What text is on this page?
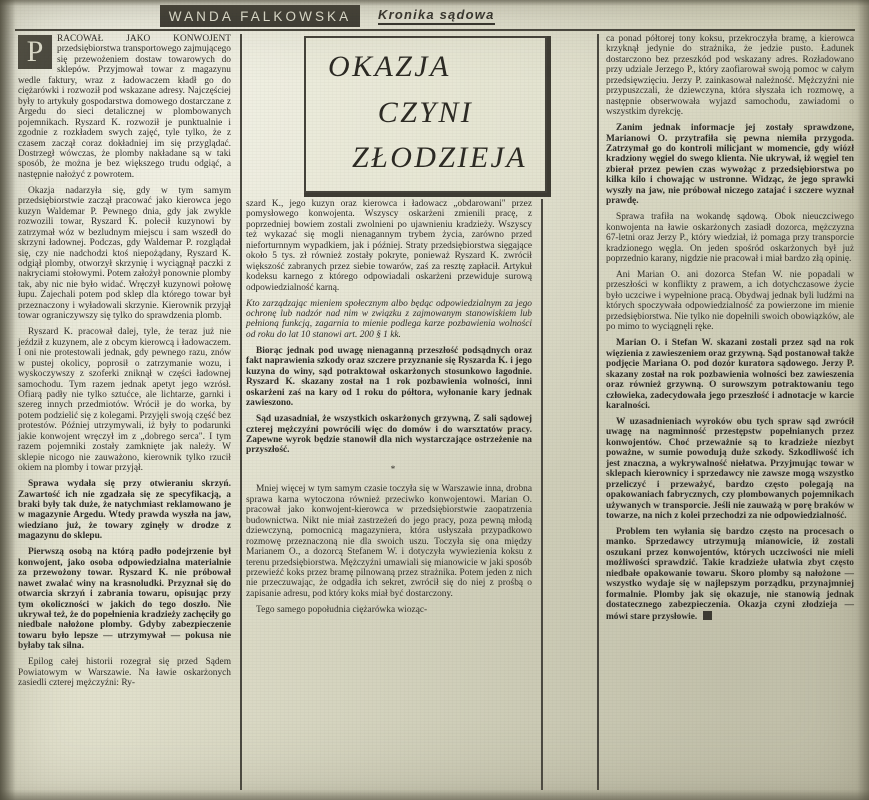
WANDA FALKOWSKA Kronika sądowa
OKAZJA
CZYNI
ZŁODZIEJA

P	RACOWAŁ JAKO KONWOJENT przedsiębiorstwa transportowego zajmującego się przewożeniem dostaw towarowych do sklepów. Przyjmował towar z magazynu wedle faktury, wraz z ładowaczem kładł go do ciężarówki i rozwoził pod wskazane adresy. Najczęściej były to artykuły gospodarstwa domowego dostarczane z Argedu do sieci detalicznej w plombowanych pojemnikach. Ryszard K. rozwoził je punktualnie i zgodnie z rozkładem swych zajęć, tyle tylko, że z czasem zaczął coraz dokładniej im się przyglądać. Dostrzegł wówczas, że plomby nakładane są w taki sposób, że można je bez większego trudu odgiąć, a następnie nałożyć z powrotem.

Okazja nadarzyła się, gdy w tym samym przedsiębiorstwie zaczął pracować jako kierowca jego kuzyn Waldemar P. Pewnego dnia, gdy jak zwykle rozwozili towar, Ryszard K. polecił kuzynowi by zatrzymał wóz w bezludnym miejscu i sam wszedł do skrzyni ładownej. Podczas, gdy Waldemar P. rozglądał się, czy nie nadchodzi ktoś niepożądany, Ryszard K. odgiął plomby, otworzył skrzynię i wyciągnął paczki z nakryciami stołowymi. Potem założył ponownie plomby tak, aby nic nie było widać. Wręczył kuzynowi połowę łupu. Zajechali potem pod sklep dla którego towar był przeznaczony i wyładowali skrzynie. Kierownik przyjął towar ograniczywszy się tylko do sprawdzenia plomb.

Ryszard K. pracował dalej, tyle, że teraz już nie jeździł z kuzynem, ale z obcym kierowcą i ładowaczem. I oni nie protestowali jednak, gdy pewnego razu, znów w pustej okolicy, poprosił o zatrzymanie wozu, i wyskoczywszy z szoferki zniknął w części ładownej samochodu. Tym razem jednak apetyt jego wzrósł. Ofiarą padły nie tylko sztućce, ale lichtarze, garnki i szereg innych przedmiotów. Wrócił je do worka, by potem podzielić się z kolegami. Przyjęli swoją część bez protestów. Później utrzymywali, iż były to podarunki jakie konwojent wręczył im z „dobrego serca". I tym razem pojemniki zostały zamknięte jak należy. W sklepie nicogo nie zauważono, kierownik tylko rzucił okiem na plomby i towar przyjął.

Sprawa wydała się przy otwieraniu skrzyń. Zawartość ich nie zgadzała się ze specyfikacją, a braki były tak duże, że natychmiast reklamowano je w magazynie Argedu. Wtedy prawda wyszła na jaw, wiedziano już, że towary zginęły w drodze z magazynu do sklepu.

Pierwszą osobą na którą padło podejrzenie był konwojent, jako osoba odpowiedzialna materialnie za przewożony towar. Ryszard K. nie próbował nawet zwalać winy na krasnoludki. Przyznał się do otwarcia skrzyń i zabrania towaru, opisując przy tym okoliczności w jakich do tego doszło. Nie ukrywał też, że do popełnienia kradzieży zachęciły go niedbale nałożone plomby. Gdyby zabezpieczenie towaru było lepsze — utrzymywał — pokusa nie byłaby tak silna.

Epilog całej historii rozegrał się przed Sądem Powiatowym w Warszawie. Na ławie oskarżonych zasiedli czterej mężczyźni: Ry-

szard K., jego kuzyn oraz kierowca i ładowacz „obdarowani" przez pomysłowego konwojenta. Wszyscy oskarżeni zmienili pracę, z poprzedniej bowiem zostali zwolnieni po ujawnieniu kradzieży. Wszyscy też wykazać się mogli nienagannym trybem życia, zarówno przed nieforturnnym wypadkiem, jak i później. Straty przedsiębiorstwa sięgające około 5 tys. zł również zostały pokryte, ponieważ Ryszard K. zwrócił większość zabranych przez siebie towarów, zaś za resztę zapłacił. Artykuł kodeksu karnego z którego odpowiadali oskarżeni przewiduje surową odpowiedzialność karną.

Kto zarządzając mieniem społecznym albo będąc odpowiedzialnym za jego ochronę lub nadzór nad nim w związku z zajmowanym stanowiskiem lub pełnioną funkcją, zagarnia to mienie podlega karze pozbawienia wolności od roku do lat 10 stanowi art. 200 § 1 kk.

Biorąc jednak pod uwagę nienaganną przeszłość podsądnych oraz fakt naprawienia szkody oraz szczere przyznanie się Ryszarda K. i jego kuzyna do winy, sąd potraktował oskarżonych stosunkowo łagodnie. Ryszard K. skazany został na 1 rok pozbawienia wolności, inni oskarżeni zaś na kary od 1 roku do półtora, wyłonanie kary jednak zawieszono.

Sąd uzasadniał, że wszystkich oskarżonych grzywną, Z sali sądowej czterej mężczyźni powrócili więc do domów i do warsztatów pracy. Zapewne wyrok będzie stanowił dla nich wystarczające ostrzeżenie na przyszłość.

*

Mniej więcej w tym samym czasie toczyła się w Warszawie inna, drobna sprawa karna wytoczona również przeciwko konwojentowi. Marian O. pracował jako konwojent-kierowca w przedsiębiorstwie zaopatrzenia budownictwa. Nikt nie miał zastrzeżeń do jego pracy, poza pewną młodą dziewczyną, pomocnicą magazyniera, która usłyszała przypadkowo rozmowę przeznaczoną nie dla swoich uszu. Toczyła się ona między Marianem O., a dozorcą Stefanem W. i dotyczyła wywiezienia koksu z terenu przedsiębiorstwa. Mężczyźni umawiali się mianowicie w jaki sposób przewieźć koks przez bramę pilnowaną przez strażnika. Potem jeden z nich nie przeczuwając, że odgadła ich sekret, zwrócił się do niej z prośbą o zapisanie adresu, pod który koks miał być dostarczony.

Tego samego popołudnia ciężarówka wioząc-

ca ponad półtorej tony koksu, przekroczyła bramę, a kierowca krzyknął jedynie do strażnika, że jedzie pusto. Ładunek dostarczono bez przeszkód pod wskazany adres. Rozładowano przy udziale Jerzego P., który zaofiarował swoją pomoc w całym przedsięwzięciu. Jerzy P. zainkasował należność. Mężczyźni nie przypuszczali, że dziewczyna, która słyszała ich rozmowę, a następnie obserwowała wyjazd samochodu, zawiadomi o wszystkim dyrekcję.

Zanim jednak informacje jej zostały sprawdzone, Marianowi O. przytrafiła się pewna niemiła przygoda. Zatrzymał go do kontroli milicjant w momencie, gdy wiózł kradziony węgiel do swego klienta. Nie ukrywał, iż węgiel ten zbierał przez pewien czas wywożąc z przedsiębiorstwa po kilka kilo i chowając w ustronne. Widząc, że jego sprawki wyszły na jaw, nie próbował niczego zatajać i szczere wyznał prawdę.

Sprawa trafiła na wokandę sądową. Obok nieuczciwego konwojenta na ławie oskarżonych zasiadł dozorca, mężczyzna 67-letni oraz Jerzy P., który wiedział, iż pomaga przy transporcie kradzionego węgla. On jeden spośród oskarżonych był już poprzednio karany, nigdzie nie pracował i miał bardzo złą opinię.

Ani Marian O. ani dozorca Stefan W. nie popadali w przeszłości w konflikty z prawem, a ich dotychczasowe życie było uczciwe i wypełnione pracą. Obydwaj jednak byli ludźmi na których spoczywała odpowiedzialność za powierzone im mienie przedsiębiorstwa. Nie tylko nie dopełnili swoich obowiązków, ale po mimo to wyciągnęli ręke.

Marian O. i Stefan W. skazani zostali przez sąd na rok więzienia z zawieszeniem oraz grzywną. Sąd postanował także podjęcie Mariana O. pod dozór kuratora sądowego. Jerzy P. skazany został na rok pozbawienia wolności bez zawieszenia oraz również grzywną. O surowszym potraktowaniu tego człowieka, zadecydowała jego przeszłość i adnotacje w karcie karalności.

W uzasadnieniach wyroków obu tych spraw sąd zwrócił uwagę na nagminność przestępstw popełnianych przez konwojentów. Choć przeważnie są to kradzieże niezbyt poważne, w sumie powodują duże szkody. Szkodliwość ich jest znaczna, a wykrywalność niełatwa. Przyjmując towar w sklepach kierownicy i sprzedawcy nie zawsze mogą wszystko przeliczyć i przeważyć, bardzo często polegają na opakowaniach fabrycznych, czy plombowanych pojemnikach używanych w transporcie. Jeśli nie zauważą w porę braków w towarze, na nich z kolei przechodzi za nie odpowiedzialność.

Problem ten wyłania się bardzo często na procesach o manko. Sprzedawcy utrzymują mianowicie, iż zostali oszukani przez konwojentów, których uczciwości nie mieli możliwości sprawdzić. Takie kradzieże ułatwia zbyt często niedbałe opakowanie towaru. Skoro plomby są nałożone — wszystko wydaje się w najlepszym porządku, przynajmniej formalnie. Plomby jak się okazuje, nie stanowią jednak dostatecznego zabezpieczenia. Okazja czyni złodzieja — mówi stare przysłowie.
